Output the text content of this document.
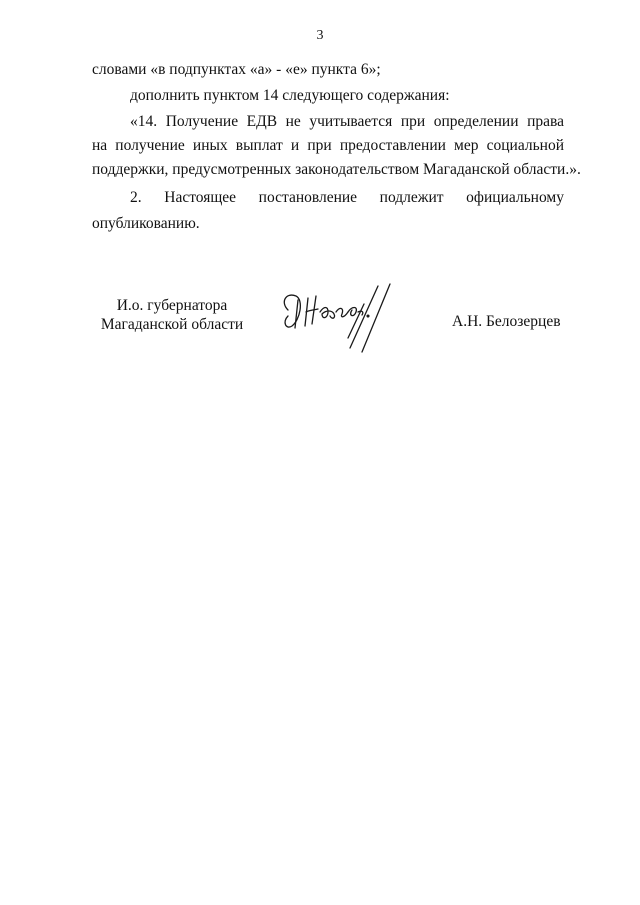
3
словами «в подпунктах «а» - «е» пункта 6»;
дополнить пунктом 14 следующего содержания:
«14. Получение ЕДВ не учитывается при определении права
на получение иных выплат и при предоставлении мер социальной
поддержки, предусмотренных законодательством Магаданской области.».
2. Настоящее постановление подлежит официальному
опубликованию.
И.о. губернатора
Магаданской области	А.Н. Белозерцев
